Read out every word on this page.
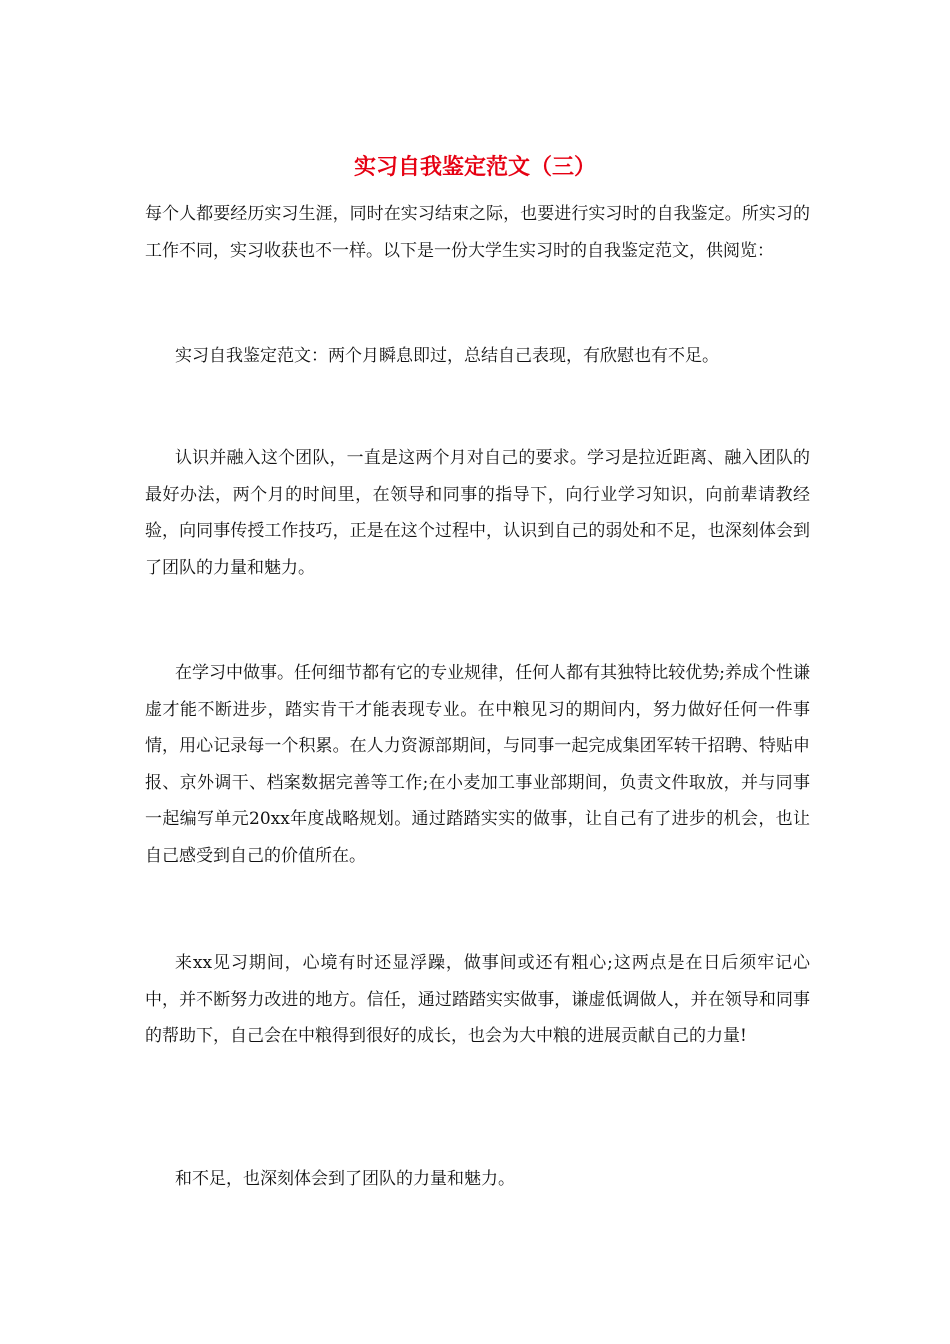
实习自我鉴定范文（三）

每个人都要经历实习生涯，同时在实习结束之际，也要进行实习时的自我鉴定。所实习的工作不同，实习收获也不一样。以下是一份大学生实习时的自我鉴定范文，供阅览：

实习自我鉴定范文：两个月瞬息即过，总结自己表现，有欣慰也有不足。

认识并融入这个团队，一直是这两个月对自己的要求。学习是拉近距离、融入团队的最好办法，两个月的时间里，在领导和同事的指导下，向行业学习知识，向前辈请教经验，向同事传授工作技巧，正是在这个过程中，认识到自己的弱处和不足，也深刻体会到了团队的力量和魅力。

在学习中做事。任何细节都有它的专业规律，任何人都有其独特比较优势;养成个性谦虚才能不断进步，踏实肯干才能表现专业。在中粮见习的期间内，努力做好任何一件事情，用心记录每一个积累。在人力资源部期间，与同事一起完成集团军转干招聘、特贴申报、京外调干、档案数据完善等工作;在小麦加工事业部期间，负责文件取放，并与同事一起编写单元20xx年度战略规划。通过踏踏实实的做事，让自己有了进步的机会，也让自己感受到自己的价值所在。

来xx见习期间，心境有时还显浮躁，做事间或还有粗心;这两点是在日后须牢记心中，并不断努力改进的地方。信任，通过踏踏实实做事，谦虚低调做人，并在领导和同事的帮助下，自己会在中粮得到很好的成长，也会为大中粮的进展贡献自己的力量!

和不足，也深刻体会到了团队的力量和魅力。
